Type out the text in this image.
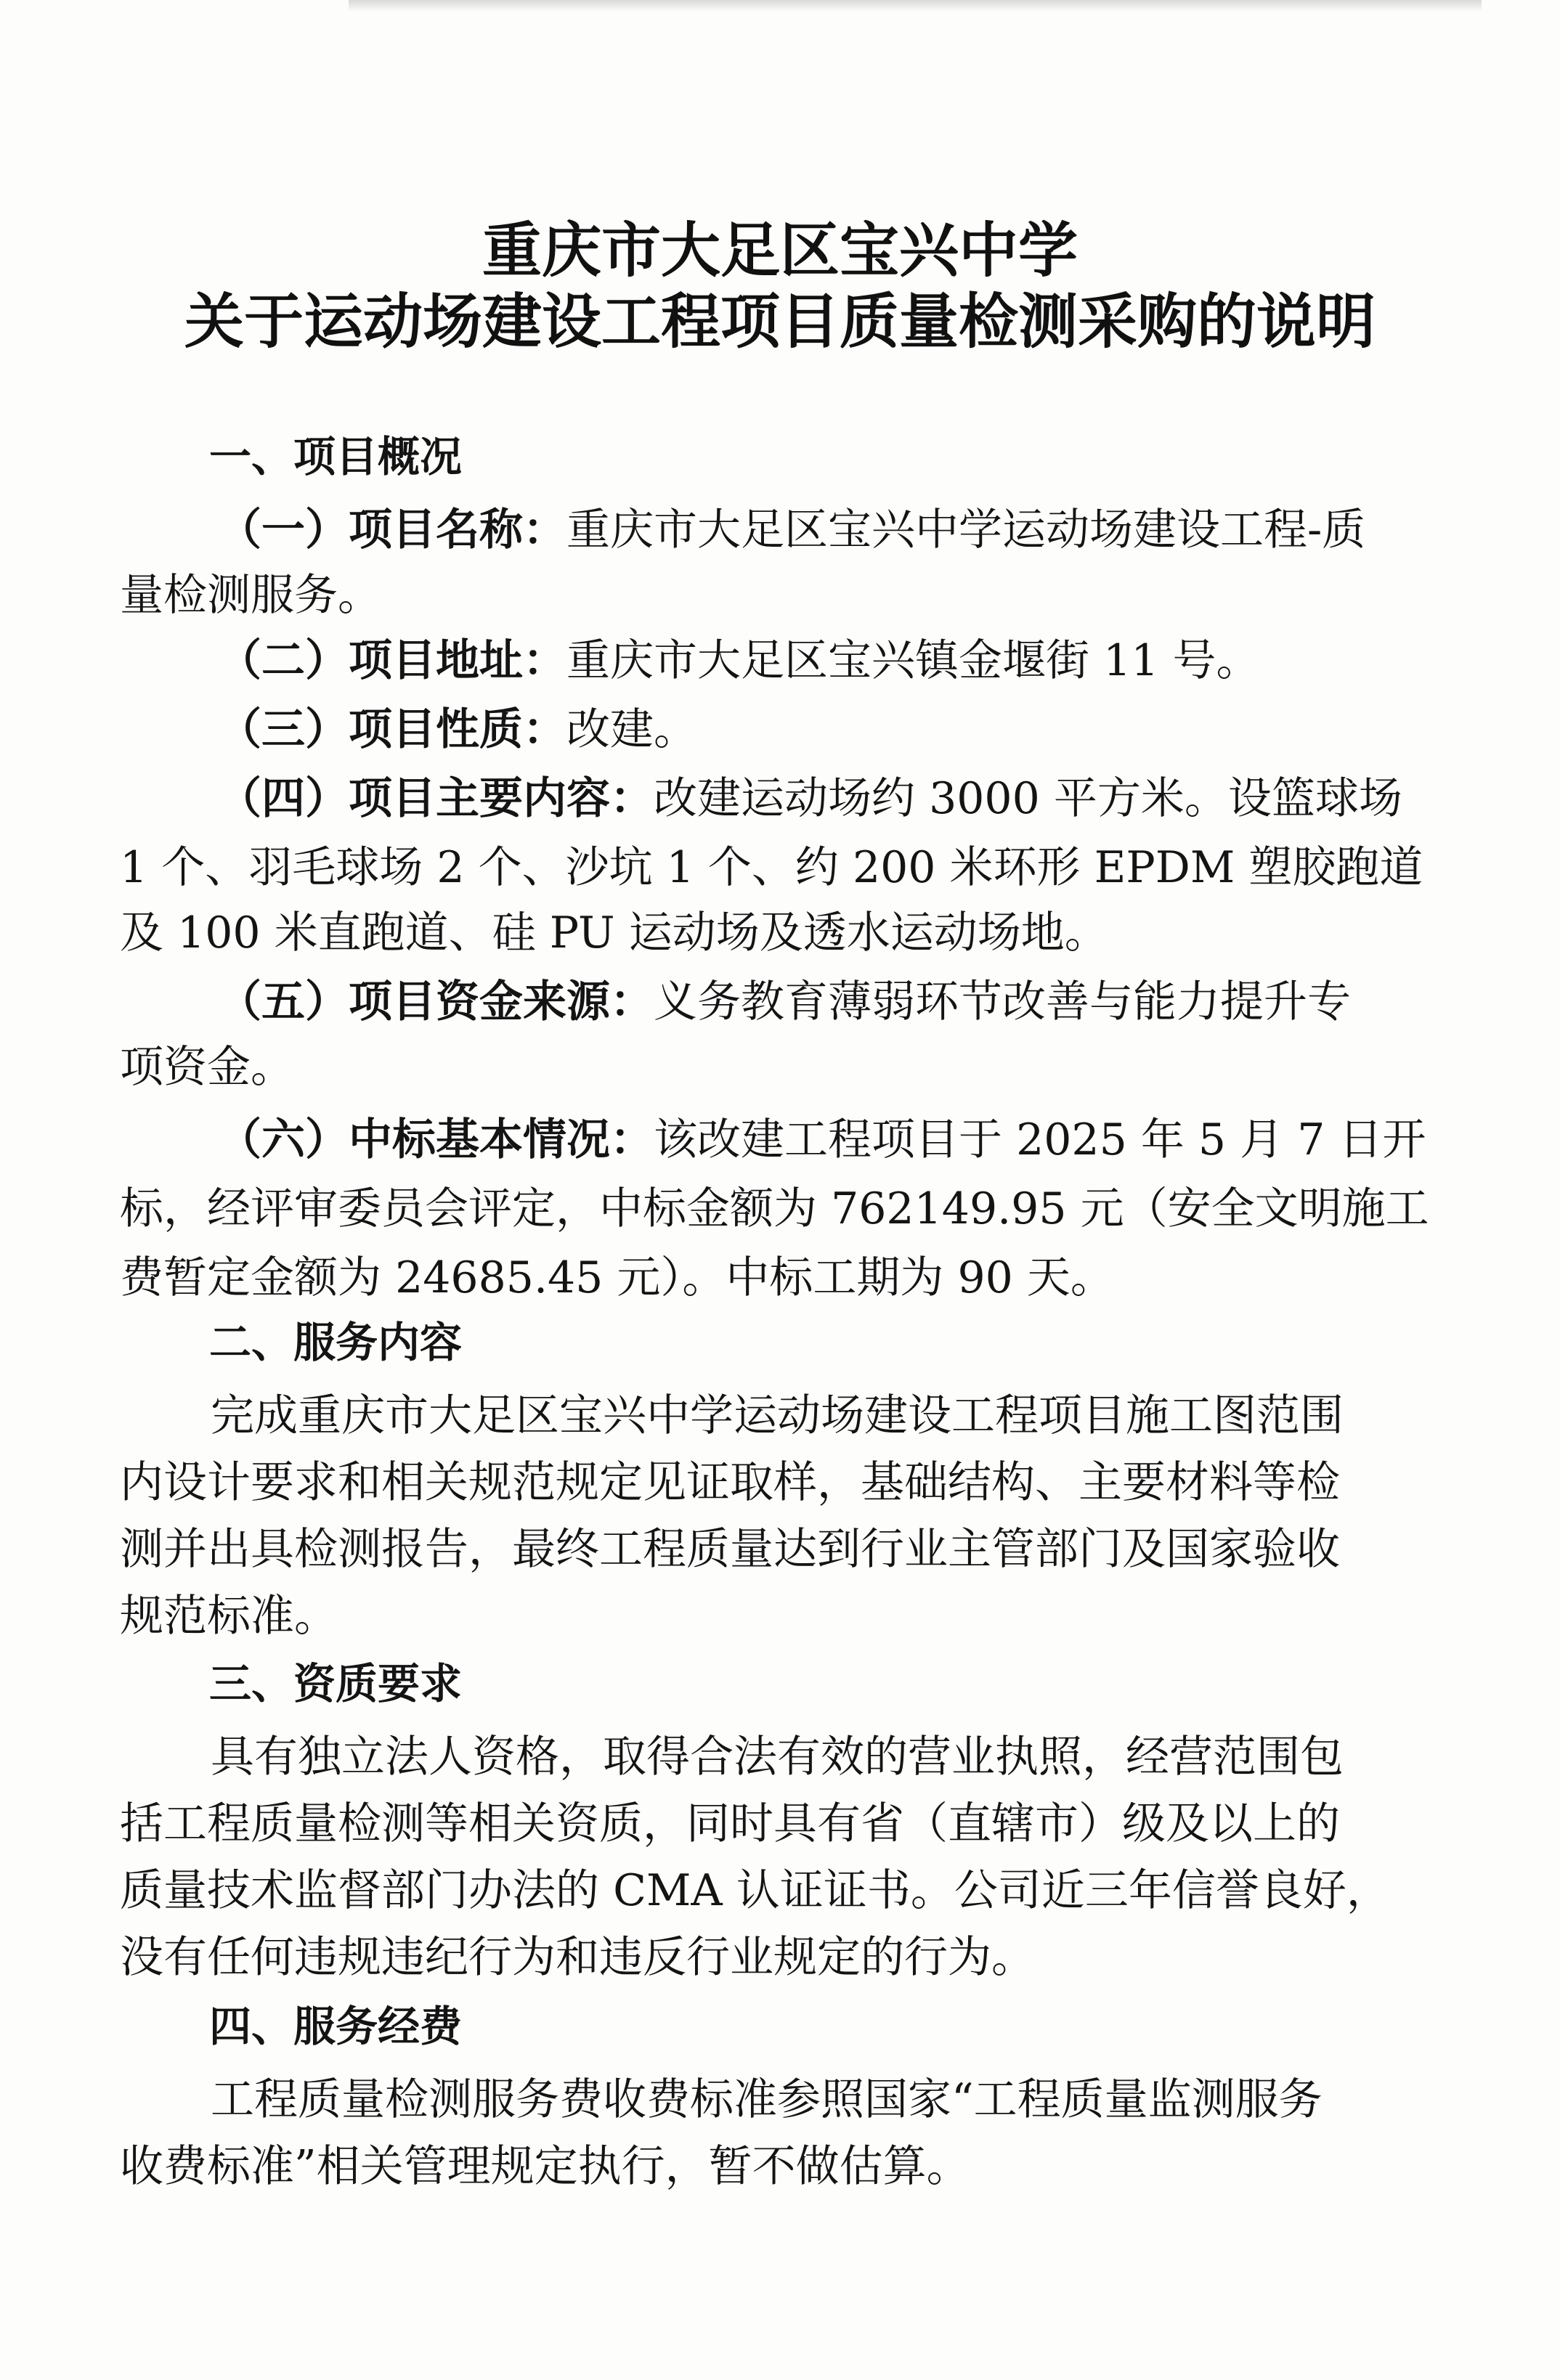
重庆市大足区宝兴中学
关于运动场建设工程项目质量检测采购的说明

一、项目概况

（一）项目名称：重庆市大足区宝兴中学运动场建设工程-质

量检测服务。

（二）项目地址：重庆市大足区宝兴镇金堰街 11 号。

（三）项目性质：改建。

（四）项目主要内容：改建运动场约 3000 平方米。设篮球场

1 个、羽毛球场 2 个、沙坑 1 个、约 200 米环形 EPDM 塑胶跑道

及 100 米直跑道、硅 PU 运动场及透水运动场地。

（五）项目资金来源：义务教育薄弱环节改善与能力提升专

项资金。

（六）中标基本情况：该改建工程项目于 2025 年 5 月 7 日开

标，经评审委员会评定，中标金额为 762149.95 元（安全文明施工

费暂定金额为 24685.45 元）。中标工期为 90 天。

二、服务内容

完成重庆市大足区宝兴中学运动场建设工程项目施工图范围

内设计要求和相关规范规定见证取样，基础结构、主要材料等检

测并出具检测报告，最终工程质量达到行业主管部门及国家验收

规范标准。

三、资质要求

具有独立法人资格，取得合法有效的营业执照，经营范围包

括工程质量检测等相关资质，同时具有省（直辖市）级及以上的

质量技术监督部门办法的 CMA 认证证书。公司近三年信誉良好，

没有任何违规违纪行为和违反行业规定的行为。

四、服务经费

工程质量检测服务费收费标准参照国家“工程质量监测服务

收费标准”相关管理规定执行，暂不做估算。
